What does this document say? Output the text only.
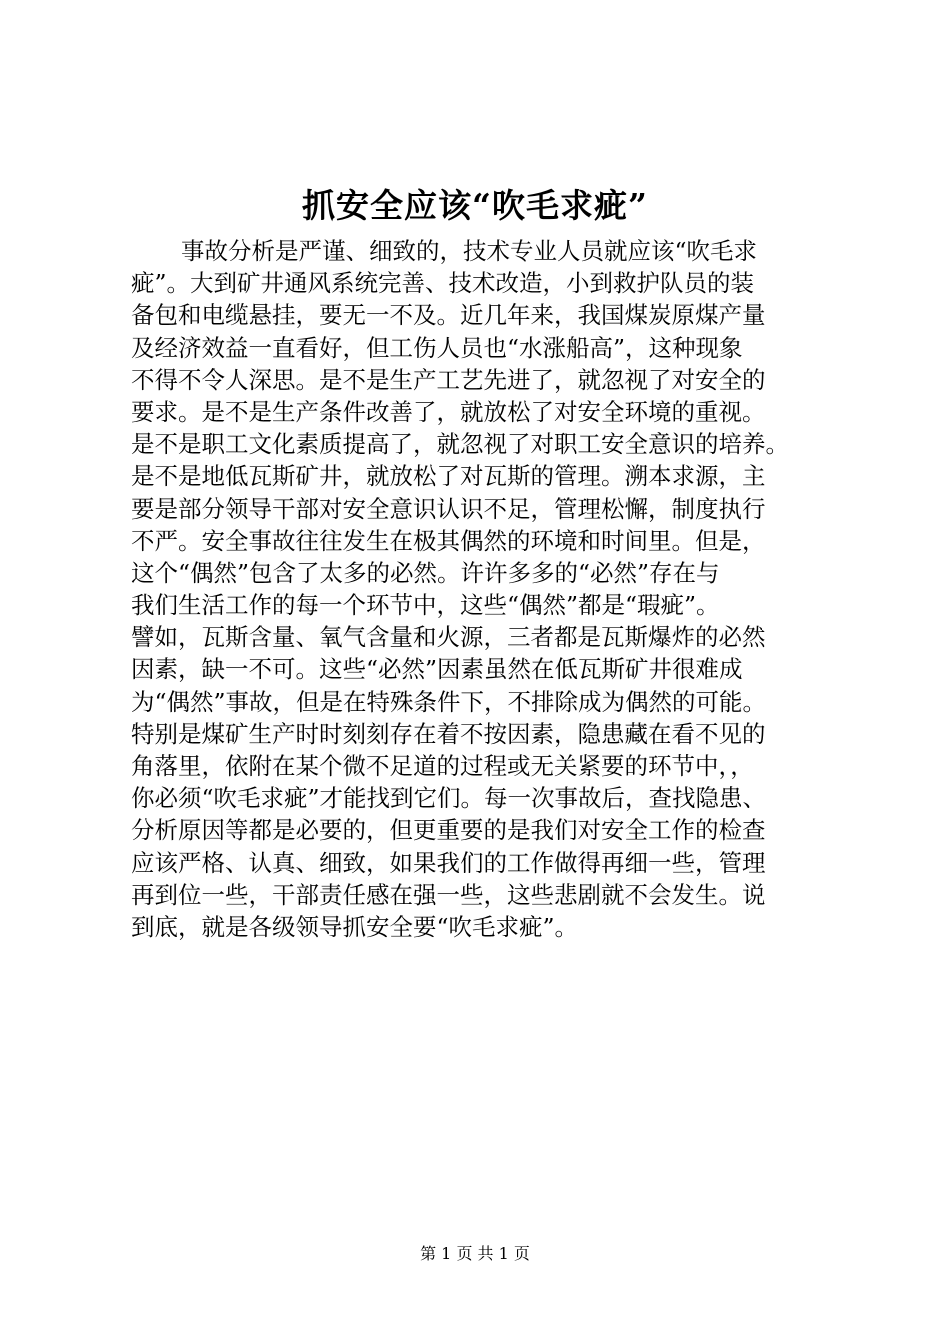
抓安全应该“吹毛求疵”
事故分析是严谨、细致的，技术专业人员就应该“吹毛求
疵”。大到矿井通风系统完善、技术改造，小到救护队员的装
备包和电缆悬挂，要无一不及。近几年来，我国煤炭原煤产量
及经济效益一直看好，但工伤人员也“水涨船高”，这种现象
不得不令人深思。是不是生产工艺先进了，就忽视了对安全的
要求。是不是生产条件改善了，就放松了对安全环境的重视。
是不是职工文化素质提高了，就忽视了对职工安全意识的培养。
是不是地低瓦斯矿井，就放松了对瓦斯的管理。溯本求源，主
要是部分领导干部对安全意识认识不足，管理松懈，制度执行
不严。安全事故往往发生在极其偶然的环境和时间里。但是，
这个“偶然”包含了太多的必然。许许多多的“必然”存在与
我们生活工作的每一个环节中，这些“偶然”都是“瑕疵”。
譬如，瓦斯含量、氧气含量和火源，三者都是瓦斯爆炸的必然
因素，缺一不可。这些“必然”因素虽然在低瓦斯矿井很难成
为“偶然”事故，但是在特殊条件下，不排除成为偶然的可能。
特别是煤矿生产时时刻刻存在着不按因素，隐患藏在看不见的
角落里，依附在某个微不足道的过程或无关紧要的环节中，，
你必须“吹毛求疵”才能找到它们。每一次事故后，查找隐患、
分析原因等都是必要的，但更重要的是我们对安全工作的检查
应该严格、认真、细致，如果我们的工作做得再细一些，管理
再到位一些，干部责任感在强一些，这些悲剧就不会发生。说
到底，就是各级领导抓安全要“吹毛求疵”。
第 1 页 共 1 页
